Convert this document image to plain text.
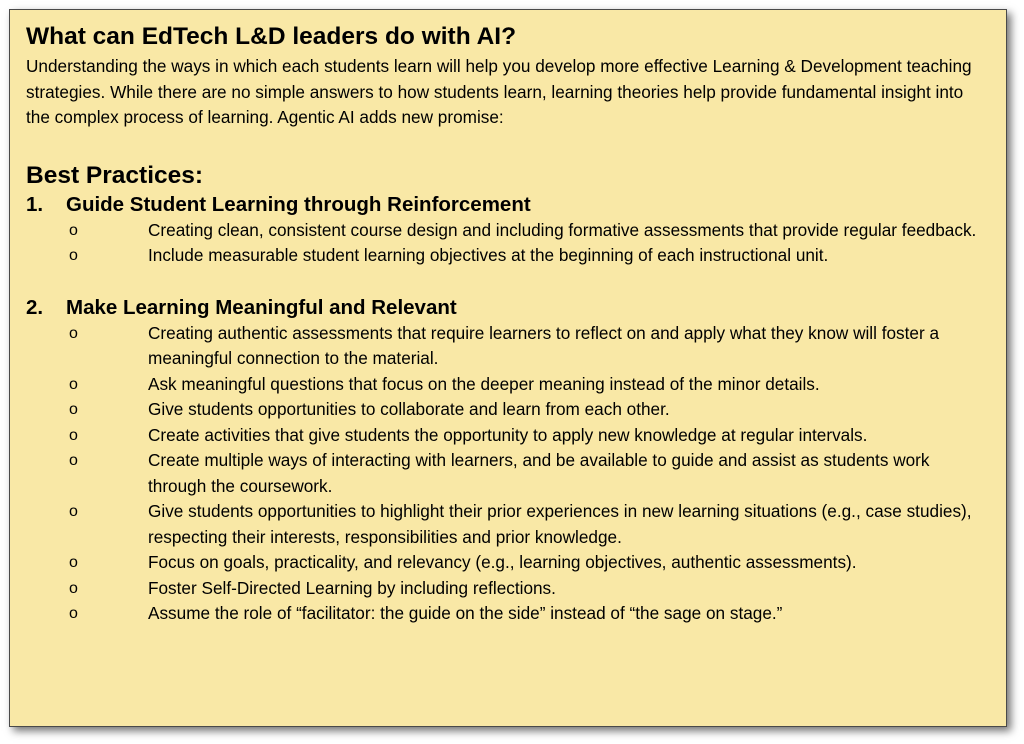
What can EdTech L&D leaders do with AI?
Understanding the ways in which each students learn will help you develop more effective Learning & Development teaching strategies. While there are no simple answers to how students learn, learning theories help provide fundamental insight into the complex process of learning. Agentic AI adds new promise:
Best Practices:
1.	Guide Student Learning through Reinforcement
o	Creating clean, consistent course design and including formative assessments that provide regular feedback.
o	Include measurable student learning objectives at the beginning of each instructional unit.
2.	Make Learning Meaningful and Relevant
o	Creating authentic assessments that require learners to reflect on and apply what they know will foster a meaningful connection to the material.
o	Ask meaningful questions that focus on the deeper meaning instead of the minor details.
o	Give students opportunities to collaborate and learn from each other.
o	Create activities that give students the opportunity to apply new knowledge at regular intervals.
o	Create multiple ways of interacting with learners, and be available to guide and assist as students work through the coursework.
o	Give students opportunities to highlight their prior experiences in new learning situations (e.g., case studies), respecting their interests, responsibilities and prior knowledge.
o	Focus on goals, practicality, and relevancy (e.g., learning objectives, authentic assessments).
o	Foster Self-Directed Learning by including reflections.
o	Assume the role of “facilitator: the guide on the side” instead of “the sage on stage.”
